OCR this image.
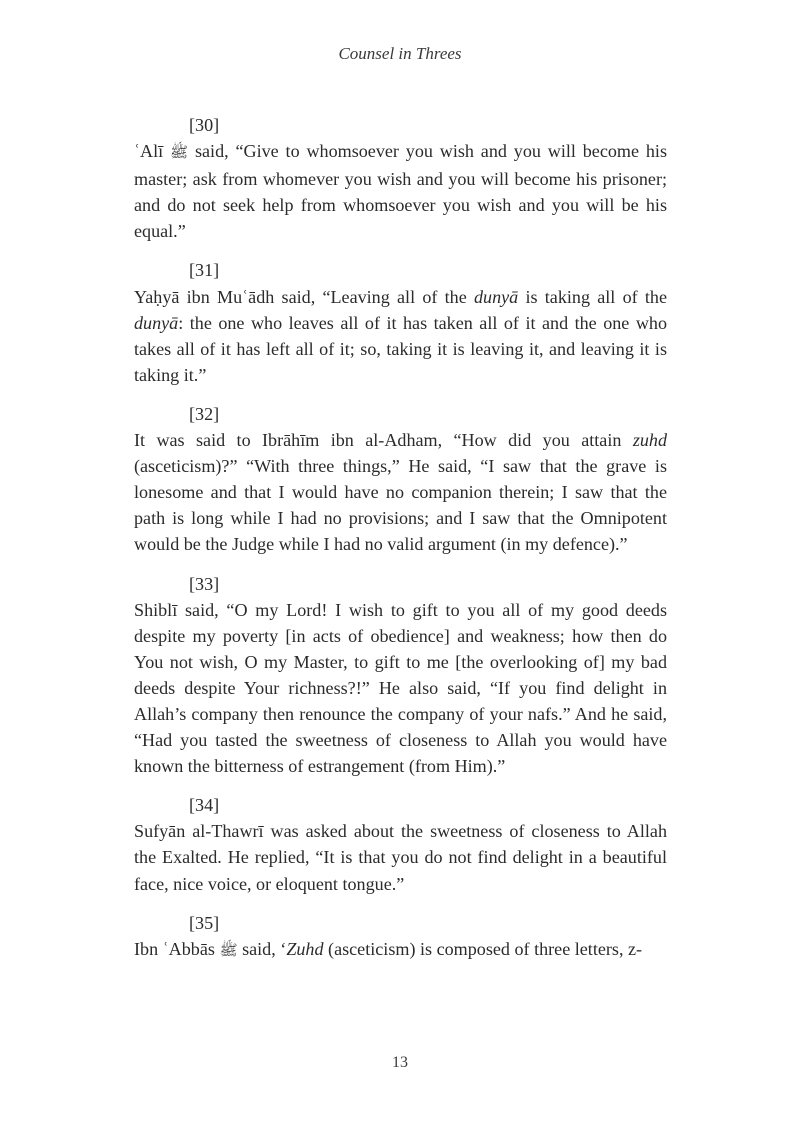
Counsel in Threes
[30]
ʿAlī ﷺ said, “Give to whomsoever you wish and you will become his master; ask from whomever you wish and you will become his prisoner; and do not seek help from whomsoever you wish and you will be his equal.”
[31]
Yaḥyā ibn Muʿādh said, “Leaving all of the dunyā is taking all of the dunyā: the one who leaves all of it has taken all of it and the one who takes all of it has left all of it; so, taking it is leaving it, and leaving it is taking it.”
[32]
It was said to Ibrāhīm ibn al-Adham, “How did you attain zuhd (asceticism)?” “With three things,” He said, “I saw that the grave is lonesome and that I would have no companion therein; I saw that the path is long while I had no provisions; and I saw that the Omnipotent would be the Judge while I had no valid argument (in my defence).”
[33]
Shiblī said, “O my Lord! I wish to gift to you all of my good deeds despite my poverty [in acts of obedience] and weakness; how then do You not wish, O my Master, to gift to me [the overlooking of] my bad deeds despite Your richness?!” He also said, “If you find delight in Allah’s company then renounce the company of your nafs.” And he said, “Had you tasted the sweetness of closeness to Allah you would have known the bitterness of estrangement (from Him).”
[34]
Sufyān al-Thawrī was asked about the sweetness of closeness to Allah the Exalted. He replied, “It is that you do not find delight in a beautiful face, nice voice, or eloquent tongue.”
[35]
Ibn ʿAbbās ﷺ said, ‘Zuhd (asceticism) is composed of three letters, z-
13
